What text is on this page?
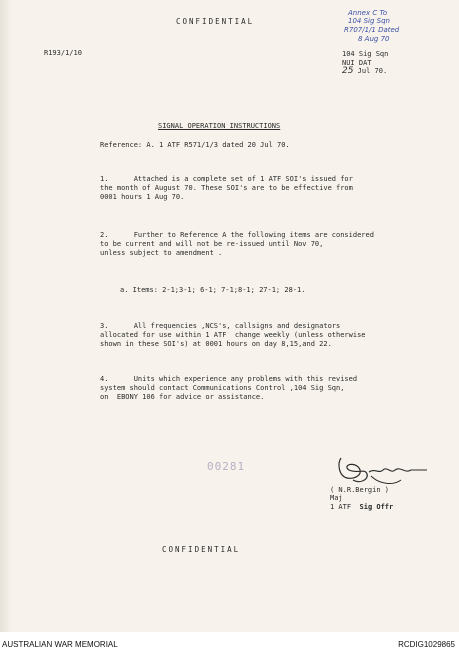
CONFIDENTIAL
R193/1/10
Annex C To
104 Sig Sqn
R707/1/1 Dated
8 Aug 70
104 Sig Sqn
NUI DAT
25 Jul 70.
SIGNAL OPERATION INSTRUCTIONS
Reference: A. 1 ATF R571/1/3 dated 20 Jul 70.
1.      Attached is a complete set of 1 ATF SOI's issued for
the month of August 70. These SOI's are to be effective from
0001 hours 1 Aug 70.
2.      Further to Reference A the following items are considered
to be current and will not be re-issued until Nov 70,
unless subject to amendment .
a. Items: 2-1;3-1; 6-1; 7-1;8-1; 27-1; 28-1.
3.      All frequencies ,NCS's, callsigns and designators
allocated for use within 1 ATF  change weekly (unless otherwise
shown in these SOI's) at 0001 hours on day 8,15,and 22.
4.      Units which experience any problems with this revised
system should contact Communications Control ,104 Sig Sqn,
on  EBONY 106 for advice or assistance.
00281
( N.R.Bergin )
Maj
1 ATF Sig Offr
CONFIDENTIAL
AUSTRALIAN WAR MEMORIAL	RCDIG1029865
